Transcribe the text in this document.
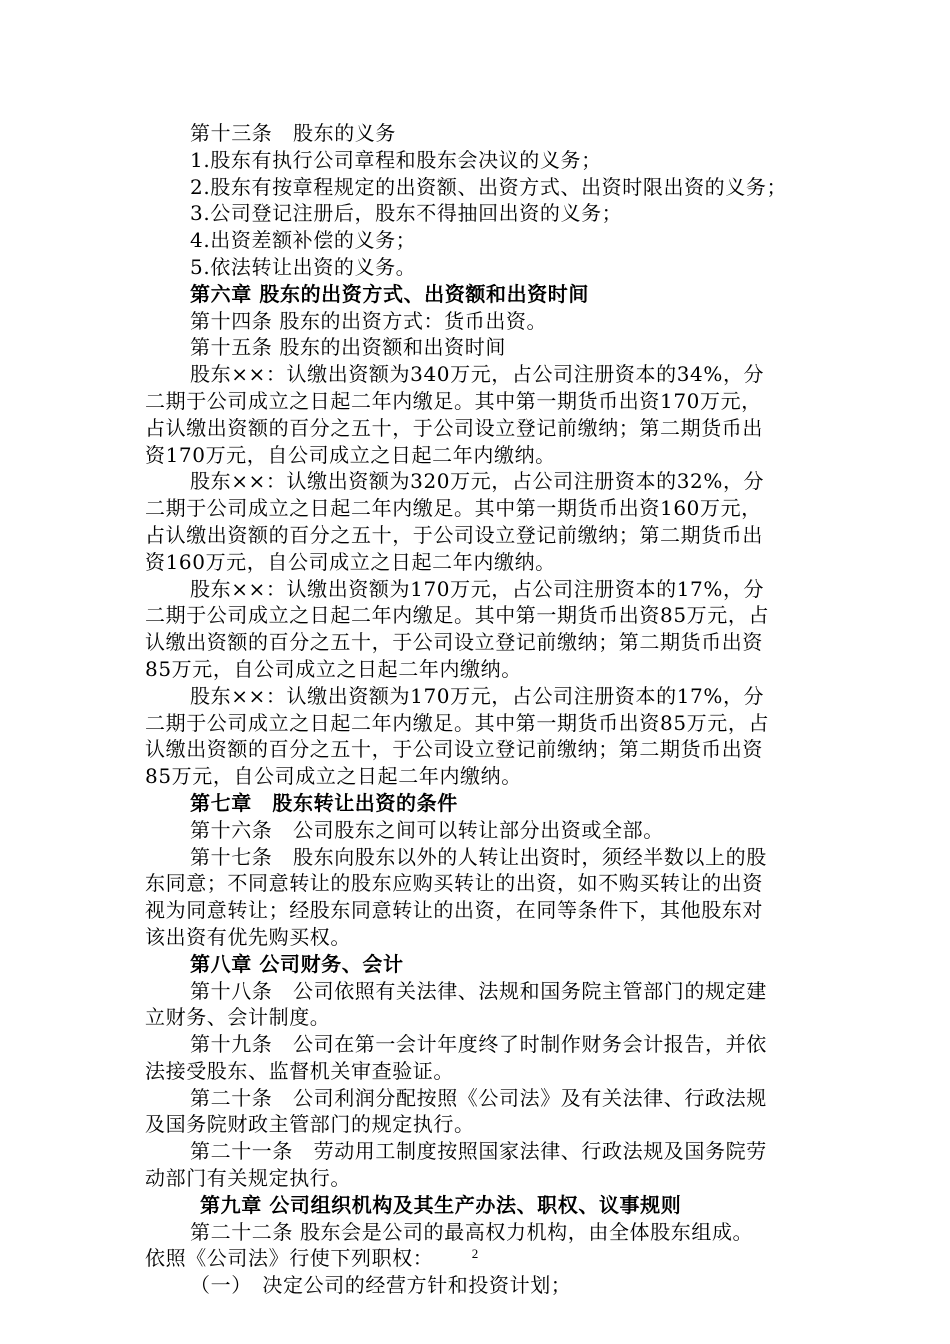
第十三条　股东的义务
1.股东有执行公司章程和股东会决议的义务；
2.股东有按章程规定的出资额、出资方式、出资时限出资的义务；
3.公司登记注册后，股东不得抽回出资的义务；
4.出资差额补偿的义务；
5.依法转让出资的义务。
第六章 股东的出资方式、出资额和出资时间
第十四条 股东的出资方式：货币出资。
第十五条 股东的出资额和出资时间
股东××：认缴出资额为340万元，占公司注册资本的34%，分
二期于公司成立之日起二年内缴足。其中第一期货币出资170万元，
占认缴出资额的百分之五十，于公司设立登记前缴纳；第二期货币出
资170万元，自公司成立之日起二年内缴纳。
股东××：认缴出资额为320万元，占公司注册资本的32%，分
二期于公司成立之日起二年内缴足。其中第一期货币出资160万元，
占认缴出资额的百分之五十，于公司设立登记前缴纳；第二期货币出
资160万元，自公司成立之日起二年内缴纳。
股东××：认缴出资额为170万元，占公司注册资本的17%，分
二期于公司成立之日起二年内缴足。其中第一期货币出资85万元，占
认缴出资额的百分之五十，于公司设立登记前缴纳；第二期货币出资
85万元，自公司成立之日起二年内缴纳。
股东××：认缴出资额为170万元，占公司注册资本的17%，分
二期于公司成立之日起二年内缴足。其中第一期货币出资85万元，占
认缴出资额的百分之五十，于公司设立登记前缴纳；第二期货币出资
85万元，自公司成立之日起二年内缴纳。
第七章　股东转让出资的条件
第十六条　公司股东之间可以转让部分出资或全部。
第十七条　股东向股东以外的人转让出资时，须经半数以上的股
东同意；不同意转让的股东应购买转让的出资，如不购买转让的出资
视为同意转让；经股东同意转让的出资，在同等条件下，其他股东对
该出资有优先购买权。
第八章 公司财务、会计
第十八条　公司依照有关法律、法规和国务院主管部门的规定建
立财务、会计制度。
第十九条　公司在第一会计年度终了时制作财务会计报告，并依
法接受股东、监督机关审查验证。
第二十条　公司利润分配按照《公司法》及有关法律、行政法规
及国务院财政主管部门的规定执行。
第二十一条　劳动用工制度按照国家法律、行政法规及国务院劳
动部门有关规定执行。
第九章 公司组织机构及其生产办法、职权、议事规则
第二十二条 股东会是公司的最高权力机构，由全体股东组成。
依照《公司法》行使下列职权：
（一）　决定公司的经营方针和投资计划；
2
